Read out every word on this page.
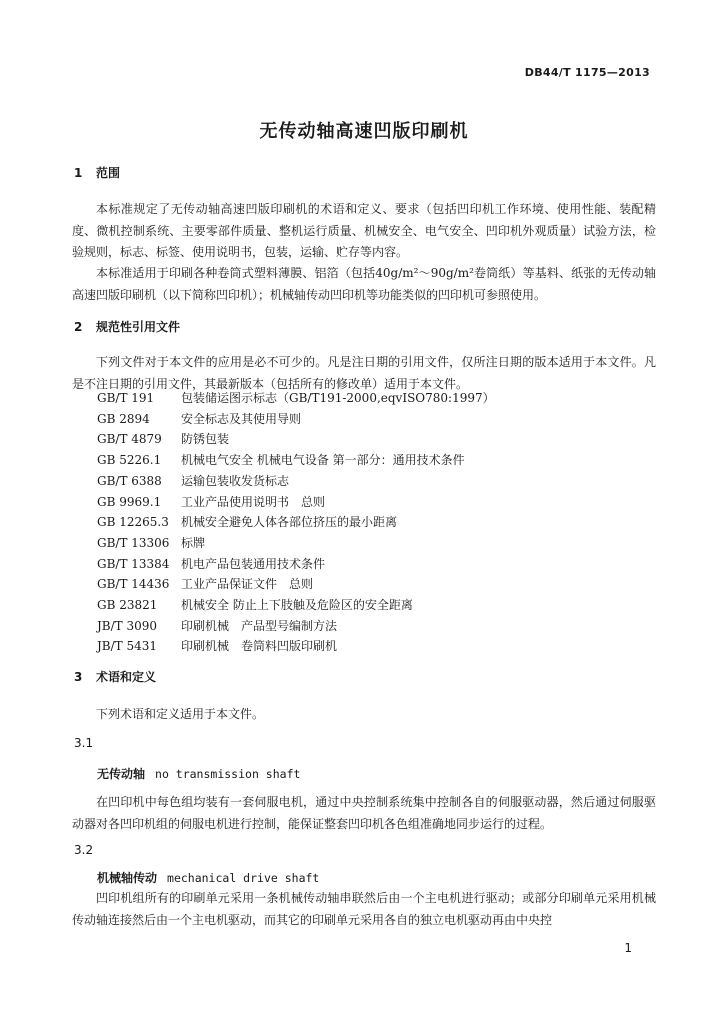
DB44/T 1175—2013
无传动轴高速凹版印刷机
1 范围
本标准规定了无传动轴高速凹版印刷机的术语和定义、要求（包括凹印机工作环境、使用性能、装配精度、微机控制系统、主要零部件质量、整机运行质量、机械安全、电气安全、凹印机外观质量）试验方法，检验规则，标志、标签、使用说明书，包装，运输、贮存等内容。
本标准适用于印刷各种卷筒式塑料薄膜、铝箔（包括40g/m²～90g/m²卷筒纸）等基料、纸张的无传动轴高速凹版印刷机（以下简称凹印机）；机械轴传动凹印机等功能类似的凹印机可参照使用。
2 规范性引用文件
下列文件对于本文件的应用是必不可少的。凡是注日期的引用文件，仅所注日期的版本适用于本文件。凡是不注日期的引用文件，其最新版本（包括所有的修改单）适用于本文件。
GB/T 191 包装储运图示标志（GB/T191-2000,eqvISO780:1997）
GB 2894	安全标志及其使用导则
GB/T 4879 防锈包装
GB 5226.1 机械电气安全 机械电气设备 第一部分：通用技术条件
GB/T 6388 运输包装收发货标志
GB 9969.1 工业产品使用说明书　总则
GB 12265.3 机械安全避免人体各部位挤压的最小距离
GB/T 13306 标牌
GB/T 13384 机电产品包装通用技术条件
GB/T 14436 工业产品保证文件　总则
GB 23821 机械安全 防止上下肢触及危险区的安全距离
JB/T 3090 印刷机械　产品型号编制方法
JB/T 5431 印刷机械　卷筒料凹版印刷机
3 术语和定义
下列术语和定义适用于本文件。
3.1
无传动轴 no transmission shaft
在凹印机中每色组均装有一套伺服电机，通过中央控制系统集中控制各自的伺服驱动器，然后通过伺服驱动器对各凹印机组的伺服电机进行控制，能保证整套凹印机各色组准确地同步运行的过程。
3.2
机械轴传动 mechanical drive shaft
凹印机组所有的印刷单元采用一条机械传动轴串联然后由一个主电机进行驱动；或部分印刷单元采用机械传动轴连接然后由一个主电机驱动，而其它的印刷单元采用各自的独立电机驱动再由中央控
1
